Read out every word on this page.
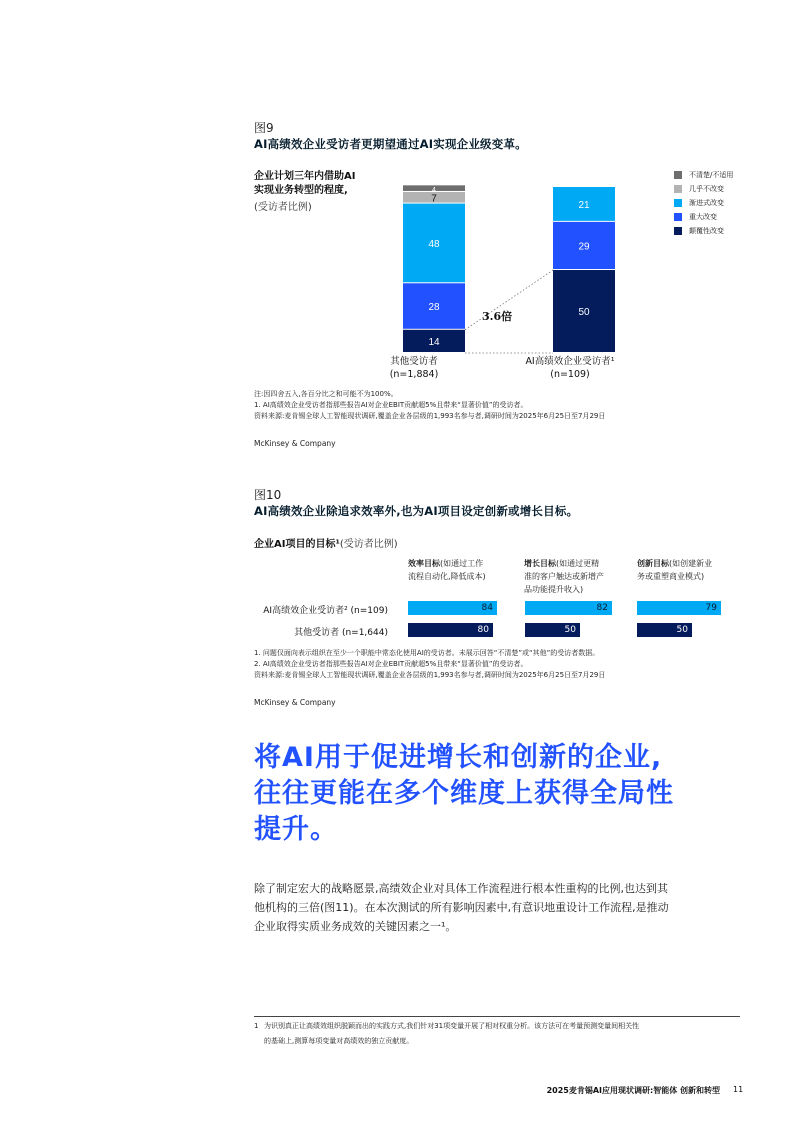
图9
AI高绩效企业受访者更期望通过AI实现企业级变革。
企业计划三年内借助AI
实现业务转型的程度,
(受访者比例)
14
28
48
7
4
50
29
21
3.6倍
其他受访者
(n=1,884)
AI高绩效企业受访者¹
(n=109)
不清楚/不适用
几乎不改变
渐进式改变
重大改变
颠覆性改变
注:因四舍五入,各百分比之和可能不为100%。
1. AI高绩效企业受访者指那些报告AI对企业EBIT贡献超5%且带来“显著价值”的受访者。
资料来源:麦肯锡全球人工智能现状调研,覆盖企业各层级的1,993名参与者,调研时间为2025年6月25日至7月29日
McKinsey & Company
图10
AI高绩效企业除追求效率外,也为AI项目设定创新或增长目标。
企业AI项目的目标¹(受访者比例)
效率目标(如通过工作
流程自动化,降低成本)
增长目标(如通过更精
准的客户触达或新增产
品功能提升收入)
创新目标(如创建新业
务或重塑商业模式)
AI高绩效企业受访者² (n=109)
其他受访者 (n=1,644)
84	82	79
80	50	50
1. 问题仅面向表示组织在至少一个职能中常态化使用AI的受访者。未展示回答“不清楚”或“其他”的受访者数据。
2. AI高绩效企业受访者指那些报告AI对企业EBIT贡献超5%且带来“显著价值”的受访者。
资料来源:麦肯锡全球人工智能现状调研,覆盖企业各层级的1,993名参与者,调研时间为2025年6月25日至7月29日
McKinsey & Company
将AI用于促进增长和创新的企业,
往往更能在多个维度上获得全局性
提升。
除了制定宏大的战略愿景,高绩效企业对具体工作流程进行根本性重构的比例,也达到其
他机构的三倍(图11)。在本次测试的所有影响因素中,有意识地重设计工作流程,是推动
企业取得实质业务成效的关键因素之一¹。
1 为识别真正让高绩效组织脱颖而出的实践方式,我们针对31项变量开展了相对权重分析。该方法可在考量预测变量间相关性
的基础上,测算每项变量对高绩效的独立贡献度。
2025麦肯锡AI应用现状调研:智能体 创新和转型 11
